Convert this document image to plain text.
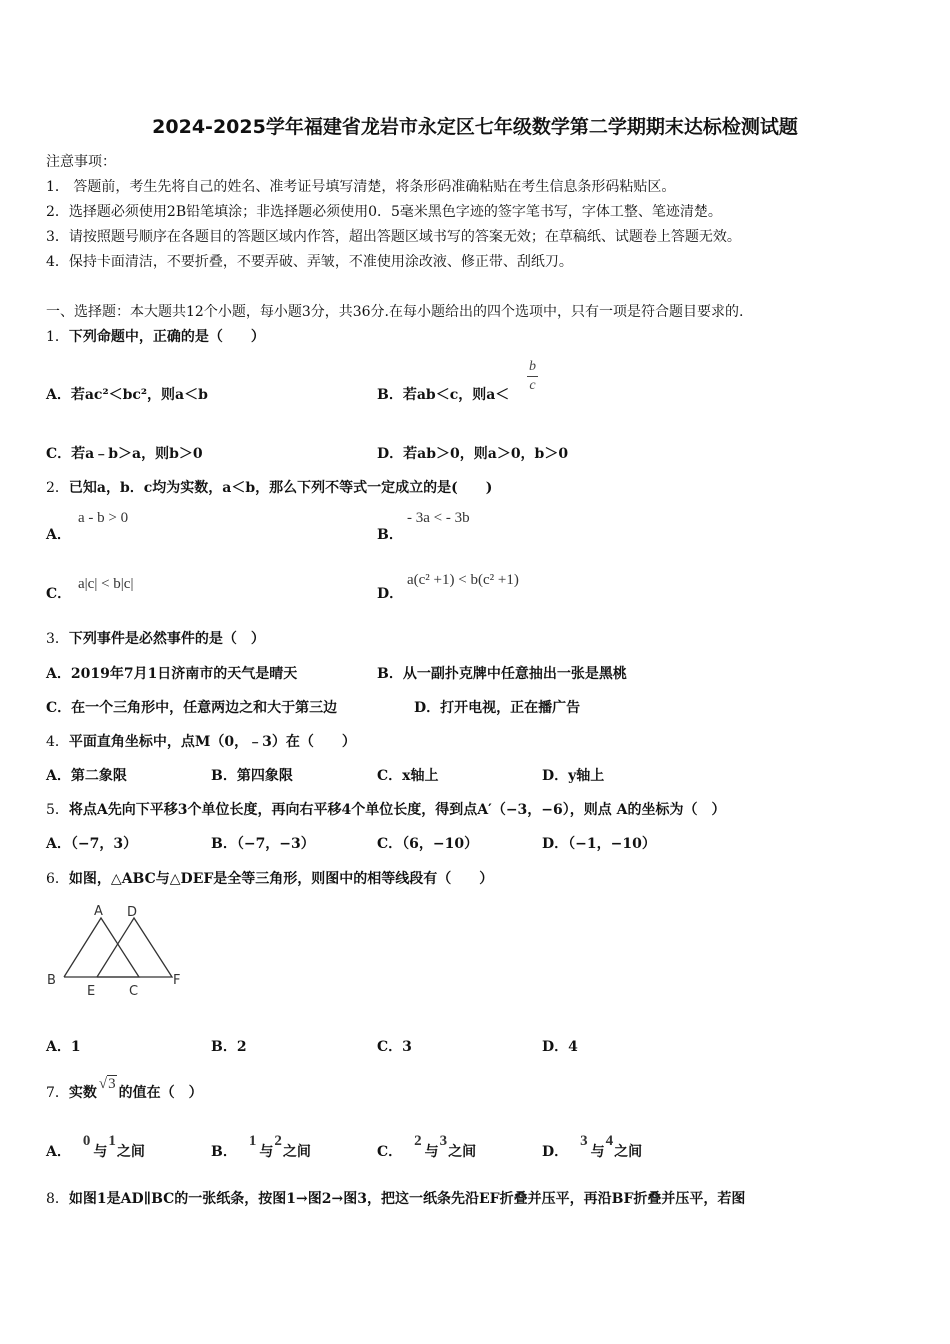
2024-2025学年福建省龙岩市永定区七年级数学第二学期期末达标检测试题
注意事项：
1． 答题前，考生先将自己的姓名、准考证号填写清楚，将条形码准确粘贴在考生信息条形码粘贴区。
2．选择题必须使用2B铅笔填涂；非选择题必须使用0．5毫米黑色字迹的签字笔书写，字体工整、笔迹清楚。
3．请按照题号顺序在各题目的答题区域内作答，超出答题区域书写的答案无效；在草稿纸、试题卷上答题无效。
4．保持卡面清洁，不要折叠，不要弄破、弄皱，不准使用涂改液、修正带、刮纸刀。
一、选择题：本大题共12个小题，每小题3分，共36分.在每小题给出的四个选项中，只有一项是符合题目要求的.
1．下列命题中，正确的是（　　）
A．若ac²＜bc²，则a＜b	B．若ab＜c，则$a< \frac{b}{c}$
C．若a﹣b＞a，则b＞0	D．若ab＞0，则a＞0，b＞0
2．已知a，b．c均为实数，a＜b，那么下列不等式一定成立的是(　　)
A．
a - b > 0
B．
- 3a < - 3b
C．
a|c| < b|c|
D．
a(c² +1) < b(c² +1)
3．下列事件是必然事件的是（　）
A．2019年7月1日济南市的天气是晴天	B．从一副扑克牌中任意抽出一张是黑桃
C．在一个三角形中，任意两边之和大于第三边	D．打开电视，正在播广告
4．平面直角坐标中，点M（0，﹣3）在（　　）
A．第二象限	B．第四象限	C．x轴上	D．y轴上
5．将点A先向下平移3个单位长度，再向右平移4个单位长度，得到点A′（−3，−6），则点 A的坐标为（　）
A．（−7，3）	B．（−7，−3）	C．（6，−10）	D．（−1，−10）
6．如图，△ABC与△DEF是全等三角形，则图中的相等线段有（　　）
A D
B
E	C
F
A．1	B．2	C．3	D．4
7．实数√3的值在（　）
A．0与1之间	B．1与2之间	C．2与3之间	D．3与4之间
8．如图1是AD∥BC的一张纸条，按图1→图2→图3，把这一纸条先沿EF折叠并压平，再沿BF折叠并压平，若图
